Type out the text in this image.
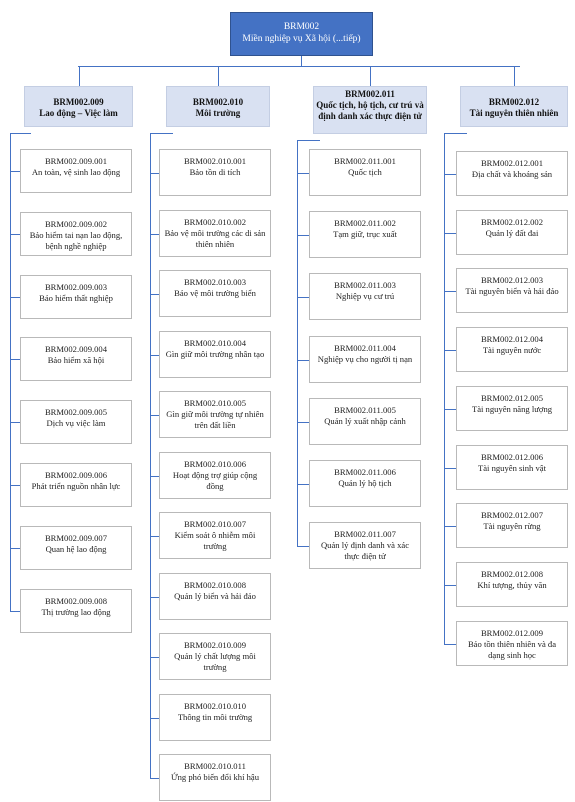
BRM002
Miền nghiệp vụ Xã hội (...tiếp)
BRM002.009
Lao động – Việc làm
BRM002.009.001
An toàn, vệ sinh lao động
BRM002.009.002
Bảo hiểm tai nạn lao động, bệnh nghề nghiệp
BRM002.009.003
Bảo hiểm thất nghiệp
BRM002.009.004
Bảo hiểm xã hội
BRM002.009.005
Dịch vụ việc làm
BRM002.009.006
Phát triển nguồn nhân lực
BRM002.009.007
Quan hệ lao động
BRM002.009.008
Thị trường lao động
BRM002.010
Môi trường
BRM002.010.001
Bảo tồn di tích
BRM002.010.002
Bảo vệ môi trường các di sản thiên nhiên
BRM002.010.003
Bảo vệ môi trường biển
BRM002.010.004
Gìn giữ môi trường nhân tạo
BRM002.010.005
Gìn giữ môi trường tự nhiên trên đất liền
BRM002.010.006
Hoạt động trợ giúp cộng đồng
BRM002.010.007
Kiểm soát ô nhiễm môi trường
BRM002.010.008
Quản lý biển và hải đảo
BRM002.010.009
Quản lý chất lượng môi trường
BRM002.010.010
Thông tin môi trường
BRM002.010.011
Ứng phó biến đổi khí hậu
BRM002.011
Quốc tịch, hộ tịch, cư trú và định danh xác thực điện tử
BRM002.011.001
Quốc tịch
BRM002.011.002
Tạm giữ, trục xuất
BRM002.011.003
Nghiệp vụ cư trú
BRM002.011.004
Nghiệp vụ cho người tị nạn
BRM002.011.005
Quản lý xuất nhập cảnh
BRM002.011.006
Quản lý hộ tịch
BRM002.011.007
Quản lý định danh và xác thực điện tử
BRM002.012
Tài nguyên thiên nhiên
BRM002.012.001
Địa chất và khoáng sản
BRM002.012.002
Quản lý đất đai
BRM002.012.003
Tài nguyên biển và hải đảo
BRM002.012.004
Tài nguyên nước
BRM002.012.005
Tài nguyên năng lượng
BRM002.012.006
Tài nguyên sinh vật
BRM002.012.007
Tài nguyên rừng
BRM002.012.008
Khí tượng, thủy văn
BRM002.012.009
Bảo tồn thiên nhiên và đa dạng sinh học
